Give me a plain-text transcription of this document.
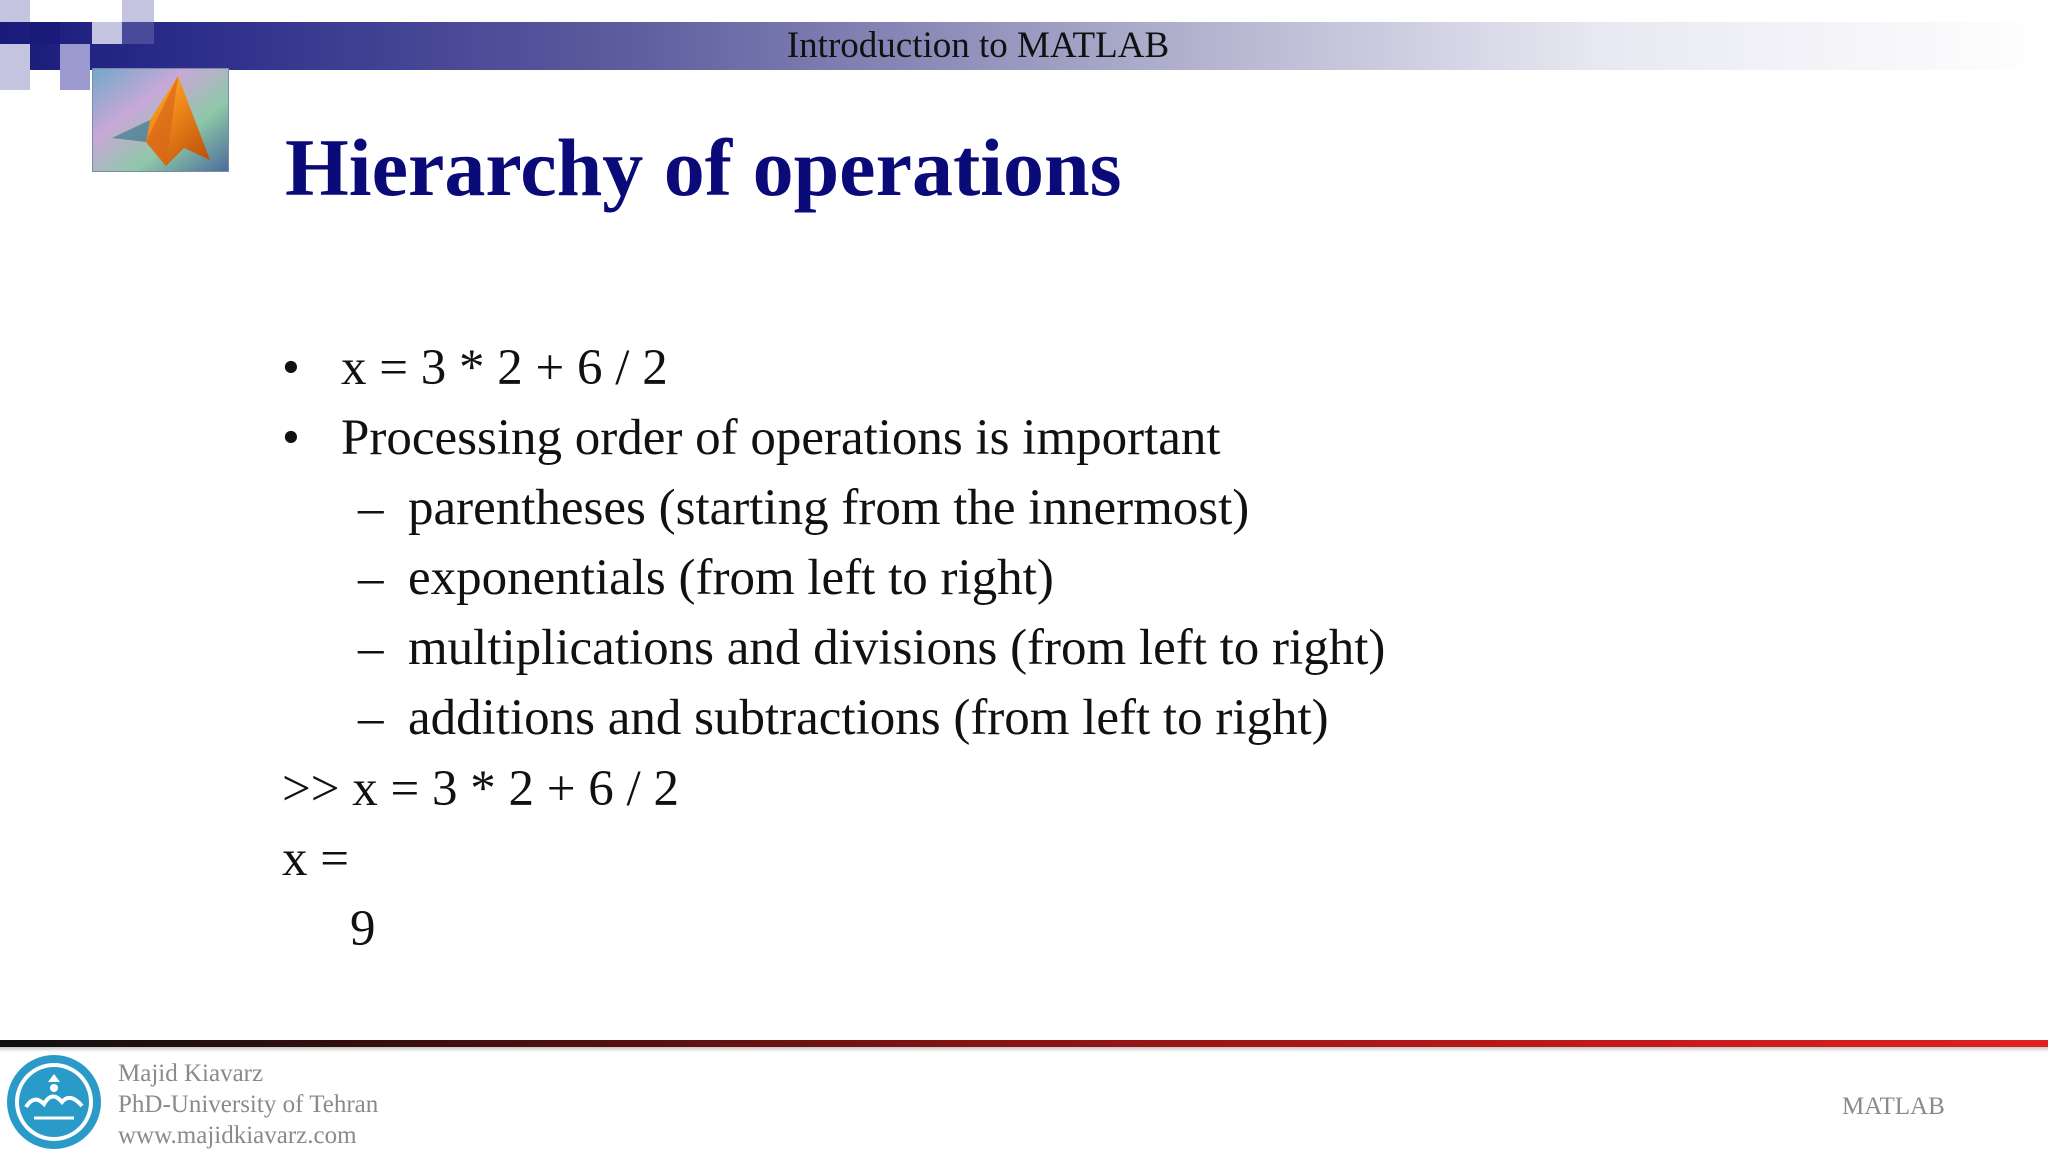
Introduction to MATLAB
Hierarchy of operations
• x = 3 * 2 + 6 / 2
• Processing order of operations is important
– parentheses (starting from the innermost)
– exponentials (from left to right)
– multiplications and divisions (from left to right)
– additions and subtractions (from left to right)
>> x = 3 * 2 + 6 / 2
x =
9
Majid Kiavarz
PhD-University of Tehran
www.majidkiavarz.com
MATLAB
